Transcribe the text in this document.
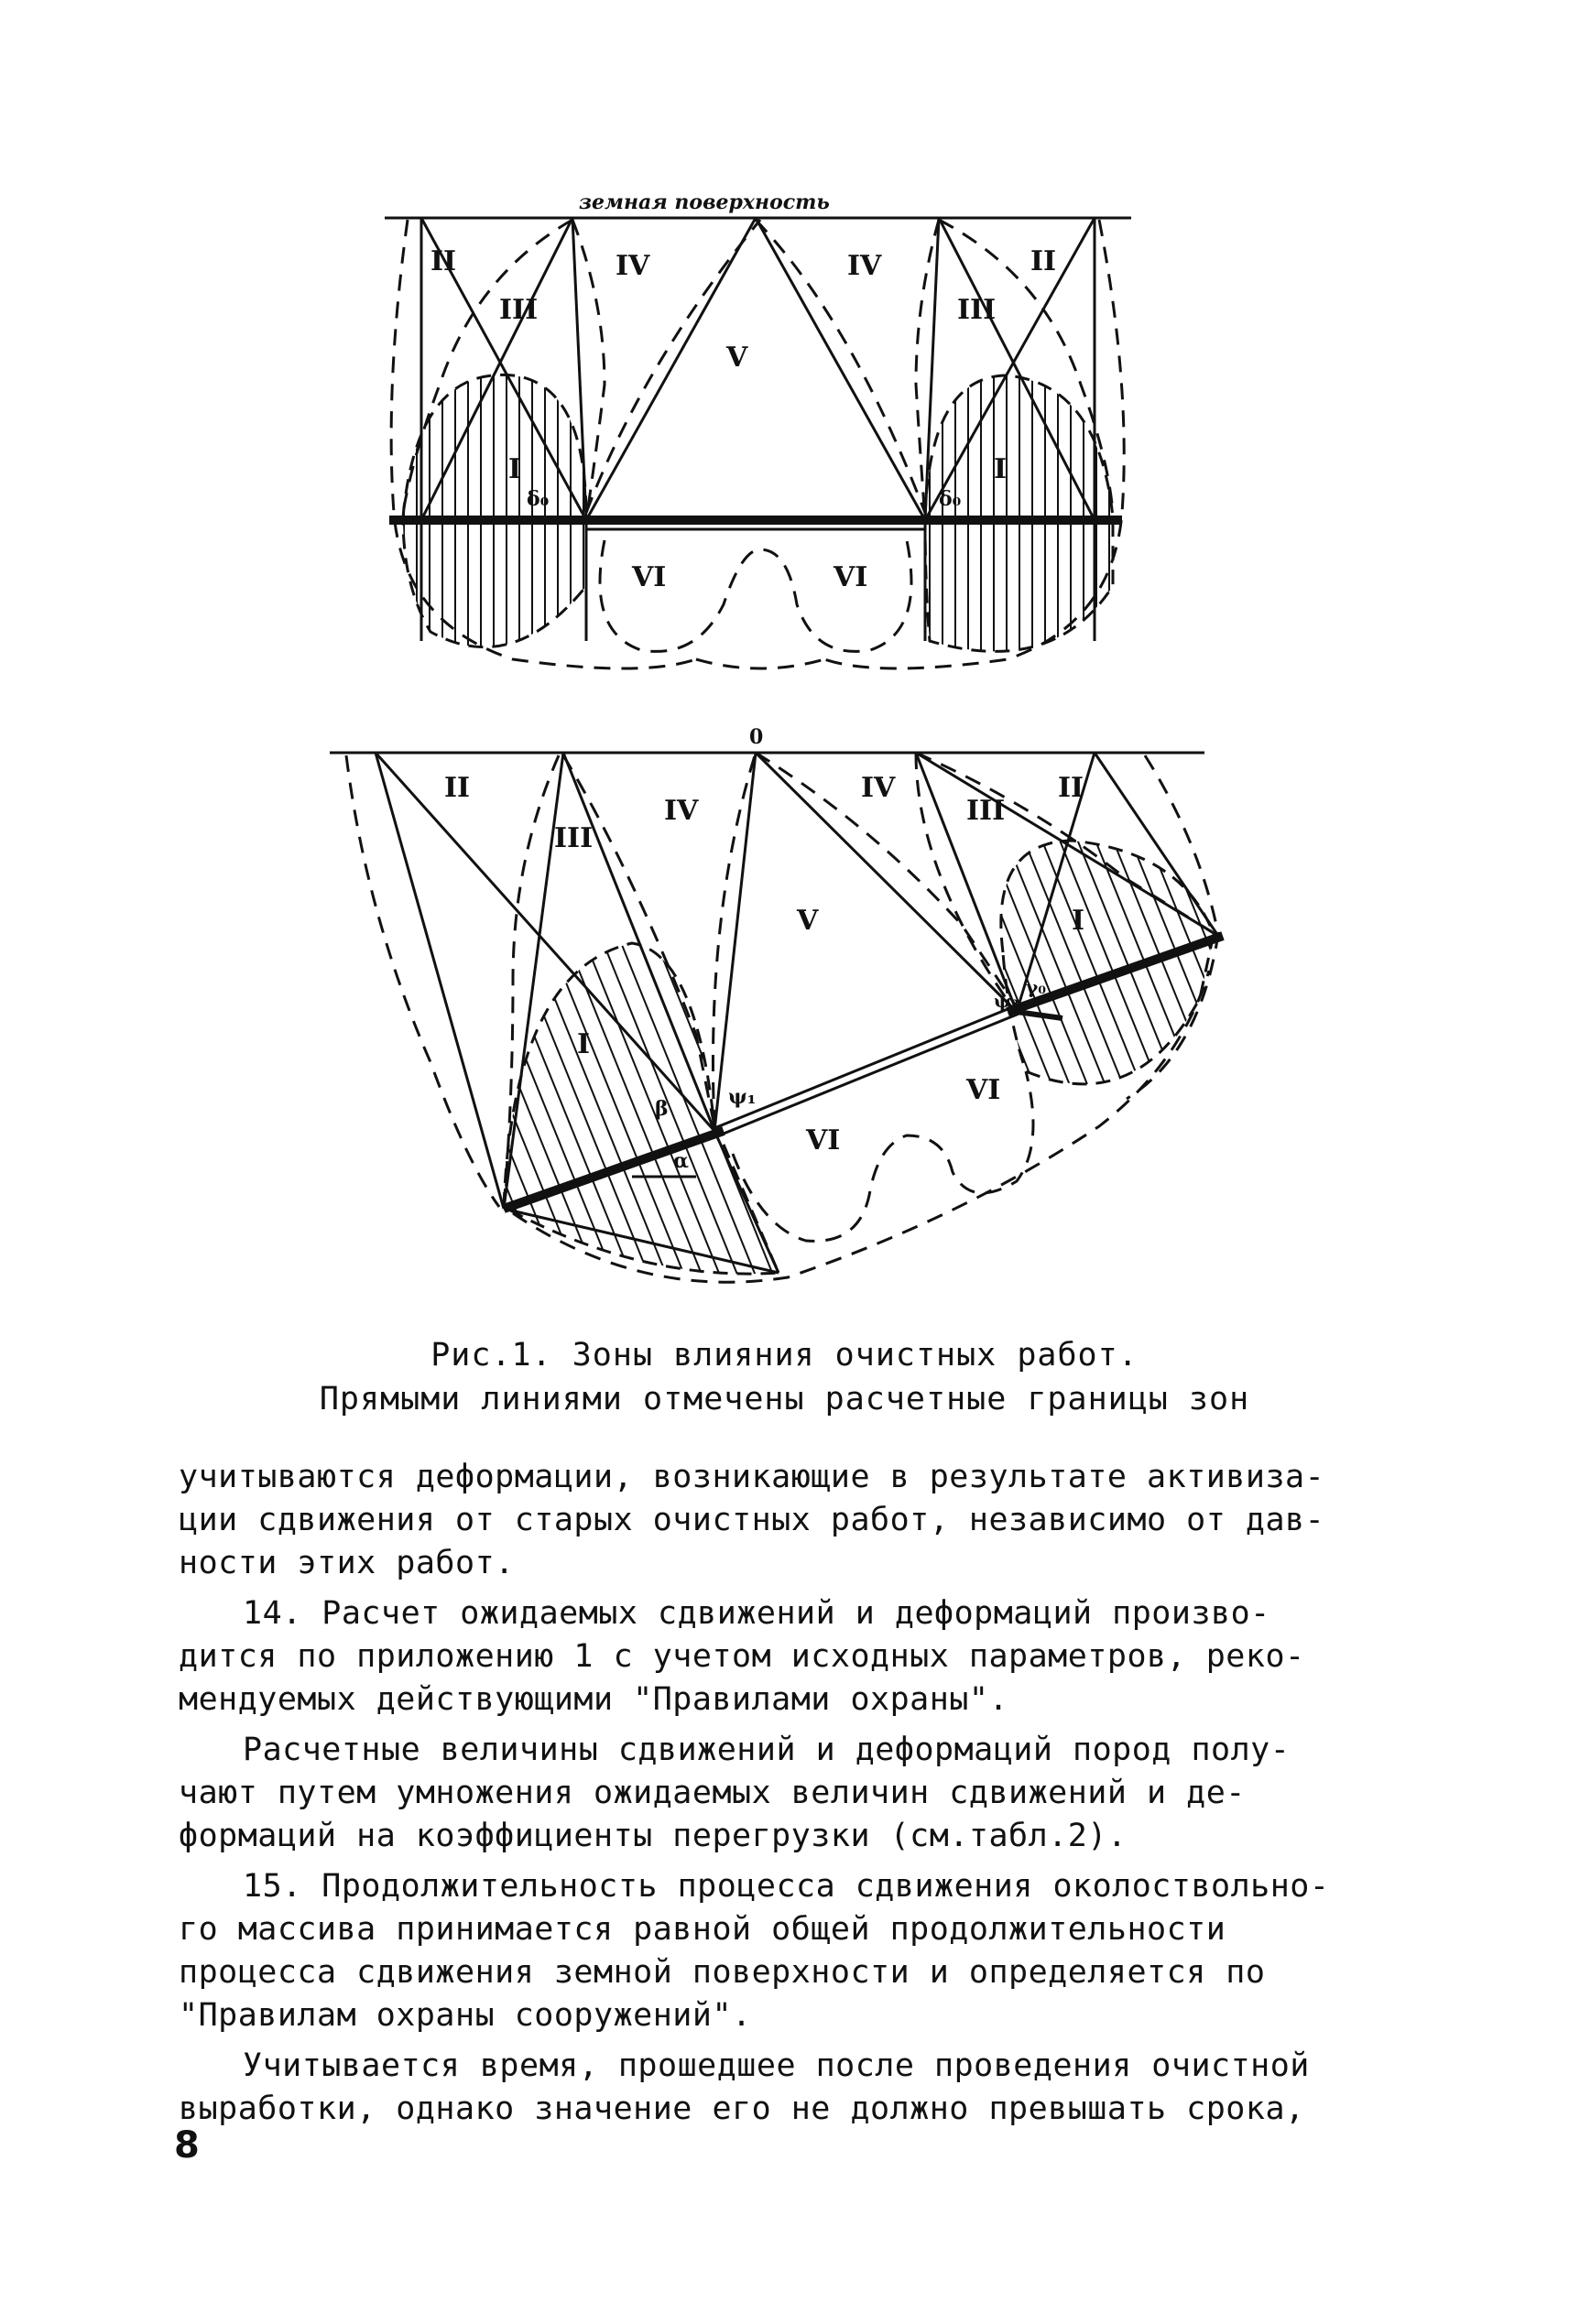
земная поверхность
II
III
IV
V
IV
III
II
I	I
VI	VI
δ₀	δ₀
0
II
III
IV
V
IV
III
II
I
I
VI
VI
β	ψ₁
α
ψ₂
γ₀
Рис.1. Зоны влияния очистных работ.
Прямыми линиями отмечены расчетные границы зон

учитываются деформации, возникающие в результате активиза-
ции сдвижения от старых очистных работ, независимо от дав-
ности этих работ.

14. Расчет ожидаемых сдвижений и деформаций произво-
дится по приложению 1 с учетом исходных параметров, реко-
мендуемых действующими "Правилами охраны".

Расчетные величины сдвижений и деформаций пород полу-
чают путем умножения ожидаемых величин сдвижений и де-
формаций на коэффициенты перегрузки (см.табл.2).

15. Продолжительность процесса сдвижения околоствольно-
го массива принимается равной общей продолжительности
процесса сдвижения земной поверхности и определяется по
"Правилам охраны сооружений".

Учитывается время, прошедшее после проведения очистной
выработки, однако значение его не должно превышать срока,

8
